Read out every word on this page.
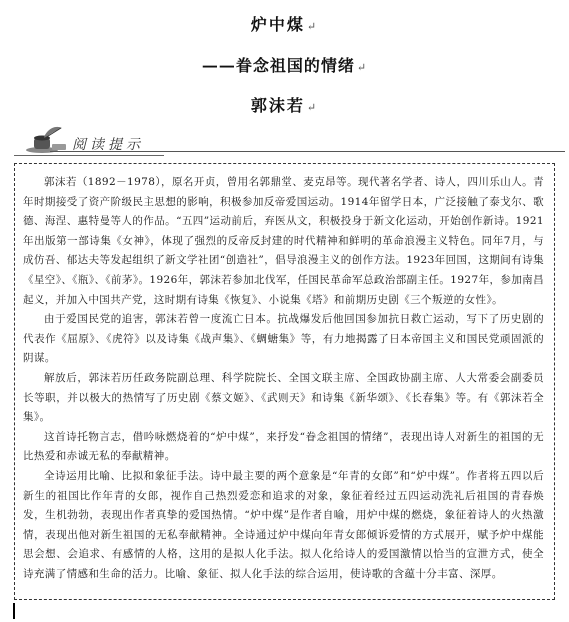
炉中煤 ↵
——眷念祖国的情绪 ↵
郭沫若 ↵
阅读提示

郭沫若（1892－1978），原名开贞，曾用名郭鼎堂、麦克昂等。现代著名学者、诗人，四川乐山人。青年时期接受了资产阶级民主思想的影响，积极参加反帝爱国运动。1914年留学日本，广泛接触了泰戈尔、歌德、海涅、惠特曼等人的作品。“五四”运动前后，弃医从文，积极投身于新文化运动，开始创作新诗。1921年出版第一部诗集《女神》，体现了强烈的反帝反封建的时代精神和鲜明的革命浪漫主义特色。同年7月，与成仿吾、郁达夫等发起组织了新文学社团“创造社”，倡导浪漫主义的创作方法。1923年回国，这期间有诗集《星空》、《瓶》、《前茅》。1926年，郭沫若参加北伐军，任国民革命军总政治部副主任。1927年，参加南昌起义，并加入中国共产党，这时期有诗集《恢复》、小说集《塔》和前期历史剧《三个叛逆的女性》。

由于爱国民党的追害，郭沫若曾一度流亡日本。抗战爆发后他回国参加抗日救亡运动，写下了历史剧的代表作《屈原》、《虎符》以及诗集《战声集》、《蜩螗集》等，有力地揭露了日本帝国主义和国民党顽固派的阴谋。

解放后，郭沫若历任政务院副总理、科学院院长、全国文联主席、全国政协副主席、人大常委会副委员长等职，并以极大的热情写了历史剧《蔡文姬》、《武则天》和诗集《新华颂》、《长春集》等。有《郭沫若全集》。

这首诗托物言志，借吟咏燃烧着的“炉中煤”，来抒发“眷念祖国的情绪”，表现出诗人对新生的祖国的无比热爱和赤诚无私的奉献精神。

全诗运用比喻、比拟和象征手法。诗中最主要的两个意象是“年青的女郎”和“炉中煤”。作者将五四以后新生的祖国比作年青的女郎，视作自己热烈爱恋和追求的对象，象征着经过五四运动洗礼后祖国的青春焕发，生机勃勃，表现出作者真挚的爱国热情。“炉中煤”是作者自喻，用炉中煤的燃烧，象征着诗人的火热激情，表现出他对新生祖国的无私奉献精神。全诗通过炉中煤向年青女郎倾诉爱情的方式展开，赋予炉中煤能思会想、会追求、有感情的人格，这用的是拟人化手法。拟人化给诗人的爱国激情以恰当的宣泄方式，使全诗充满了情感和生命的活力。比喻、象征、拟人化手法的综合运用，使诗歌的含蕴十分丰富、深厚。
